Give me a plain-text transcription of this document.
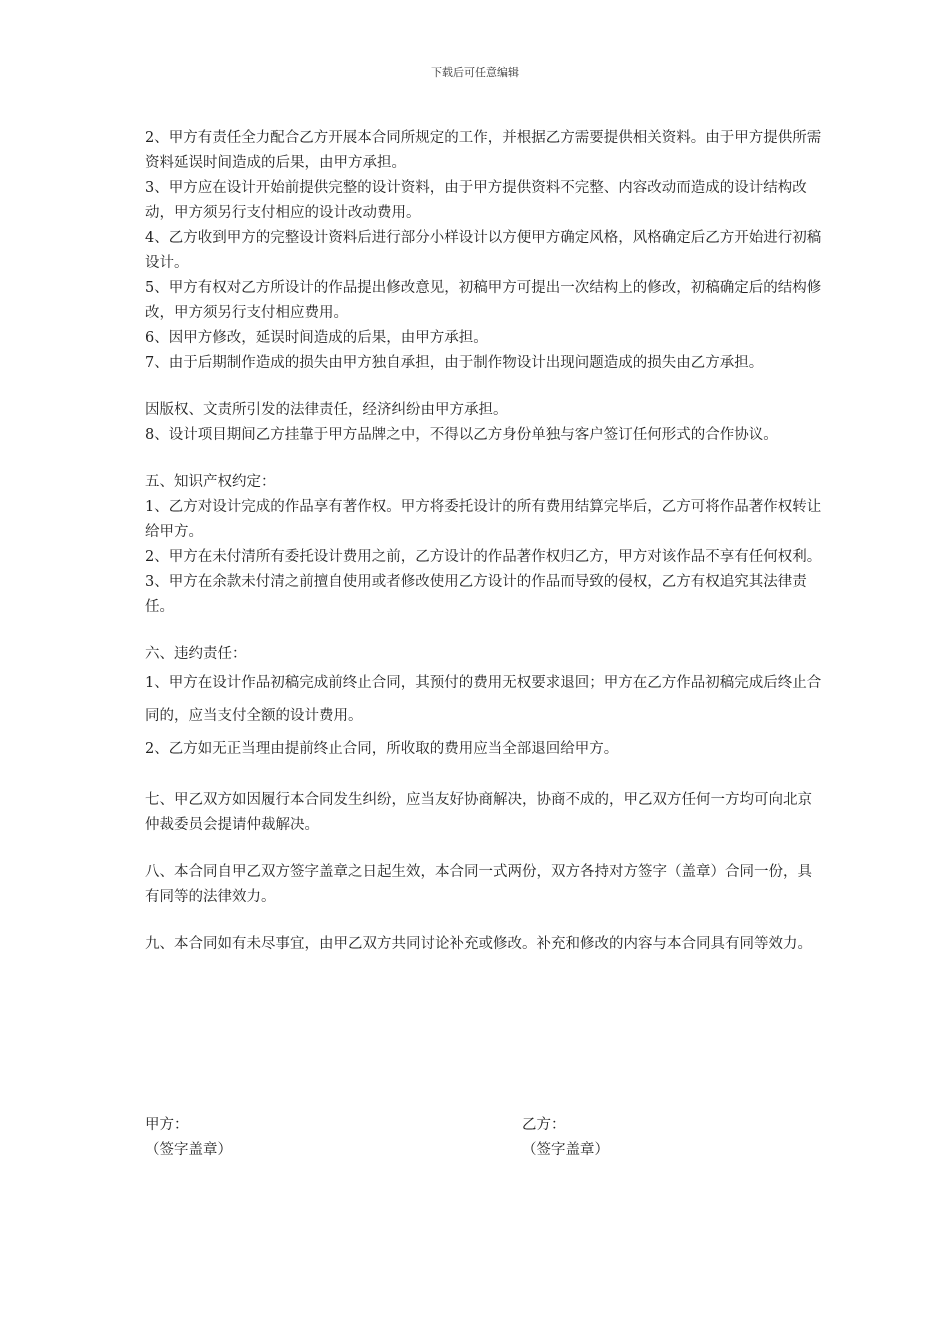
下载后可任意编辑

2、甲方有责任全力配合乙方开展本合同所规定的工作，并根据乙方需要提供相关资料。由于甲方提供所需资料延误时间造成的后果，由甲方承担。

3、甲方应在设计开始前提供完整的设计资料，由于甲方提供资料不完整、内容改动而造成的设计结构改动，甲方须另行支付相应的设计改动费用。

4、乙方收到甲方的完整设计资料后进行部分小样设计以方便甲方确定风格，风格确定后乙方开始进行初稿设计。

5、甲方有权对乙方所设计的作品提出修改意见，初稿甲方可提出一次结构上的修改，初稿确定后的结构修改，甲方须另行支付相应费用。

6、因甲方修改，延误时间造成的后果，由甲方承担。

7、由于后期制作造成的损失由甲方独自承担，由于制作物设计出现问题造成的损失由乙方承担。

因版权、文责所引发的法律责任，经济纠纷由甲方承担。

8、设计项目期间乙方挂靠于甲方品牌之中，不得以乙方身份单独与客户签订任何形式的合作协议。

五、知识产权约定：

1、乙方对设计完成的作品享有著作权。甲方将委托设计的所有费用结算完毕后，乙方可将作品著作权转让给甲方。

2、甲方在未付清所有委托设计费用之前，乙方设计的作品著作权归乙方，甲方对该作品不享有任何权利。

3、甲方在余款未付清之前擅自使用或者修改使用乙方设计的作品而导致的侵权，乙方有权追究其法律责任。

六、违约责任：

1、甲方在设计作品初稿完成前终止合同，其预付的费用无权要求退回；甲方在乙方作品初稿完成后终止合同的，应当支付全额的设计费用。

2、乙方如无正当理由提前终止合同，所收取的费用应当全部退回给甲方。

七、甲乙双方如因履行本合同发生纠纷，应当友好协商解决，协商不成的，甲乙双方任何一方均可向北京仲裁委员会提请仲裁解决。

八、本合同自甲乙双方签字盖章之日起生效，本合同一式两份，双方各持对方签字（盖章）合同一份，具有同等的法律效力。

九、本合同如有未尽事宜，由甲乙双方共同讨论补充或修改。补充和修改的内容与本合同具有同等效力。

甲方：

（签字盖章）

乙方：

（签字盖章）
